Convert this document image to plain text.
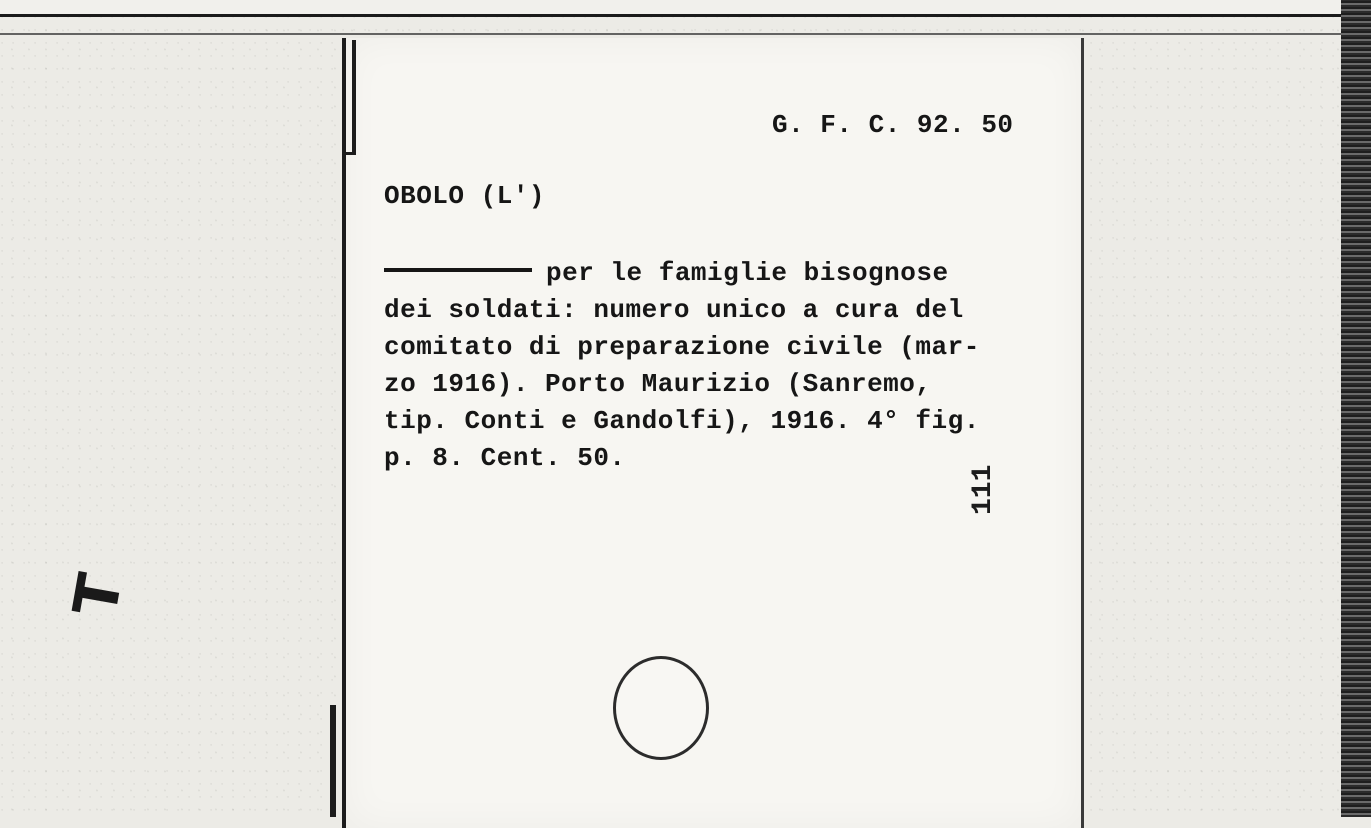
T

G. F. C. 92. 50

OBOLO (L')

per le famiglie bisognose
dei soldati: numero unico a cura del
comitato di preparazione civile (mar-
zo 1916). Porto Maurizio (Sanremo,
tip. Conti e Gandolfi), 1916. 4° fig.
p. 8. Cent. 50.

111
